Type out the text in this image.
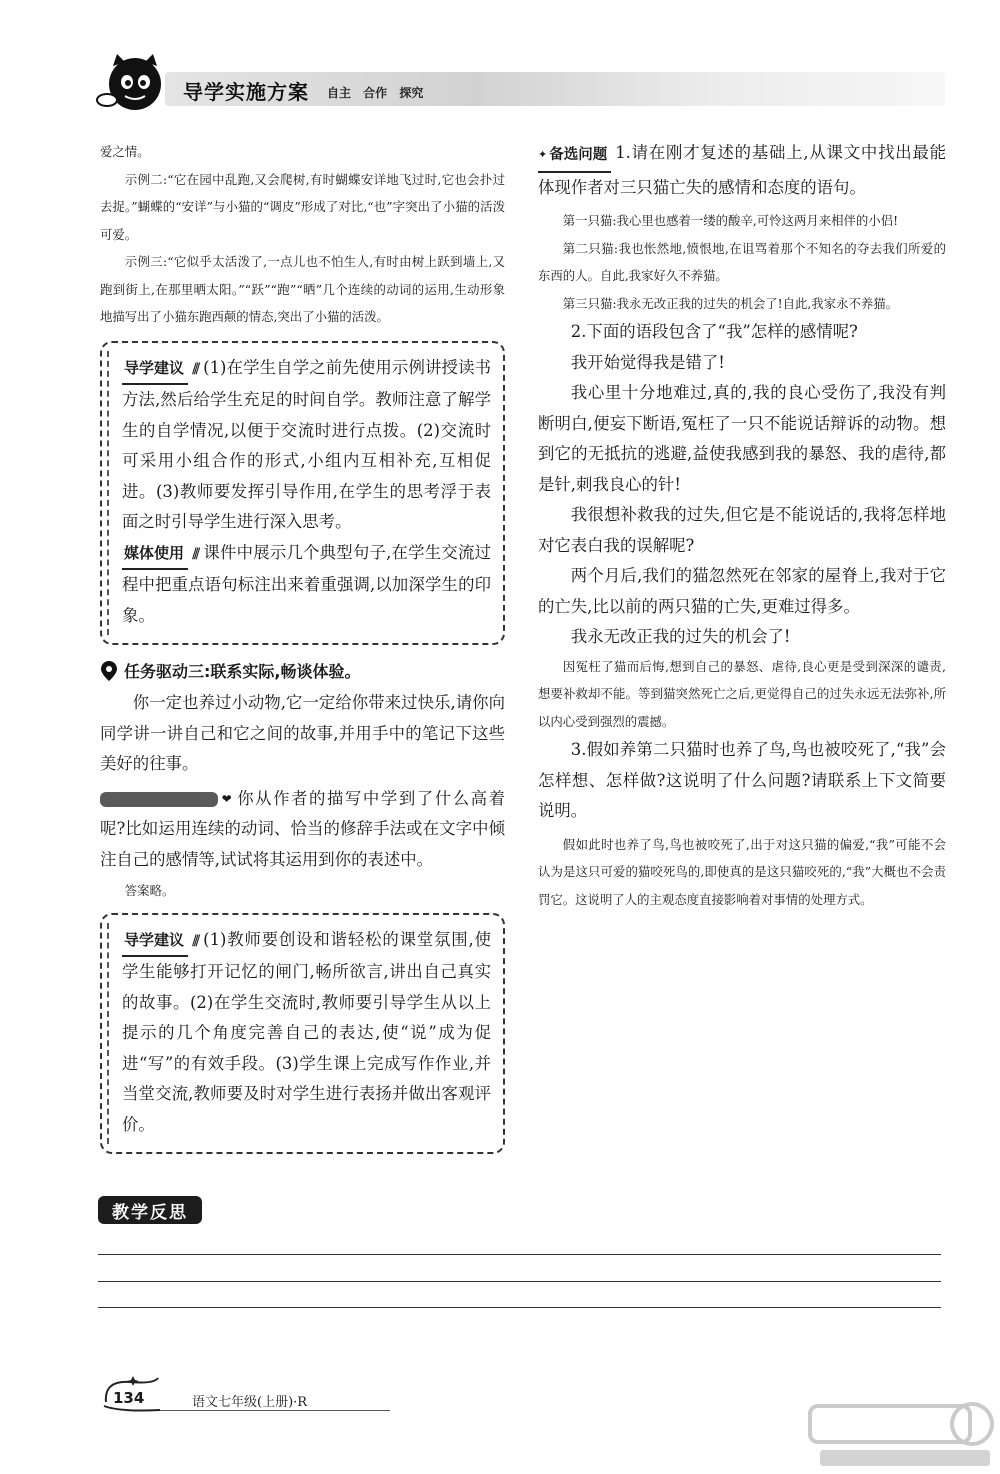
导学实施方案 自主 合作 探究

爱之情。

示例二:“它在园中乱跑,又会爬树,有时蝴蝶安详地飞过时,它也会扑过去捉。”蝴蝶的“安详”与小猫的“调皮”形成了对比,“也”字突出了小猫的活泼可爱。

示例三:“它似乎太活泼了,一点儿也不怕生人,有时由树上跃到墙上,又跑到街上,在那里晒太阳。”“跃”“跑”“晒”几个连续的动词的运用,生动形象地描写出了小猫东跑西颠的情态,突出了小猫的活泼。

导学建议 /// (1)在学生自学之前先使用示例讲授读书方法,然后给学生充足的时间自学。教师注意了解学生的自学情况,以便于交流时进行点拨。(2)交流时可采用小组合作的形式,小组内互相补充,互相促进。(3)教师要发挥引导作用,在学生的思考浮于表面之时引导学生进行深入思考。

媒体使用 /// 课件中展示几个典型句子,在学生交流过程中把重点语句标注出来着重强调,以加深学生的印象。

任务驱动三:联系实际,畅谈体验。

你一定也养过小动物,它一定给你带来过快乐,请你向同学讲一讲自己和它之间的故事,并用手中的笔记下这些美好的往事。

❤ 你从作者的描写中学到了什么高着呢?比如运用连续的动词、恰当的修辞手法或在文字中倾注自己的感情等,试试将其运用到你的表述中。

答案略。

导学建议 /// (1)教师要创设和谐轻松的课堂氛围,使学生能够打开记忆的闸门,畅所欲言,讲出自己真实的故事。(2)在学生交流时,教师要引导学生从以上提示的几个角度完善自己的表达,使“说”成为促进“写”的有效手段。(3)学生课上完成写作作业,并当堂交流,教师要及时对学生进行表扬并做出客观评价。

✦ 备选问题 1.请在刚才复述的基础上,从课文中找出最能体现作者对三只猫亡失的感情和态度的语句。

第一只猫:我心里也感着一缕的酸辛,可怜这两月来相伴的小侣!

第二只猫:我也怅然地,愤恨地,在诅骂着那个不知名的夺去我们所爱的东西的人。自此,我家好久不养猫。

第三只猫:我永无改正我的过失的机会了!自此,我家永不养猫。

2.下面的语段包含了“我”怎样的感情呢?

我开始觉得我是错了!

我心里十分地难过,真的,我的良心受伤了,我没有判断明白,便妄下断语,冤枉了一只不能说话辩诉的动物。想到它的无抵抗的逃避,益使我感到我的暴怒、我的虐待,都是针,刺我良心的针!

我很想补救我的过失,但它是不能说话的,我将怎样地对它表白我的误解呢?

两个月后,我们的猫忽然死在邻家的屋脊上,我对于它的亡失,比以前的两只猫的亡失,更难过得多。

我永无改正我的过失的机会了!

因冤枉了猫而后悔,想到自己的暴怒、虐待,良心更是受到深深的谴责,想要补救却不能。等到猫突然死亡之后,更觉得自己的过失永远无法弥补,所以内心受到强烈的震撼。

3.假如养第二只猫时也养了鸟,鸟也被咬死了,“我”会怎样想、怎样做?这说明了什么问题?请联系上下文简要说明。

假如此时也养了鸟,鸟也被咬死了,出于对这只猫的偏爱,“我”可能不会认为是这只可爱的猫咬死鸟的,即使真的是这只猫咬死的,“我”大概也不会责罚它。这说明了人的主观态度直接影响着对事情的处理方式。

教学反思
134	语文七年级(上册)·R
